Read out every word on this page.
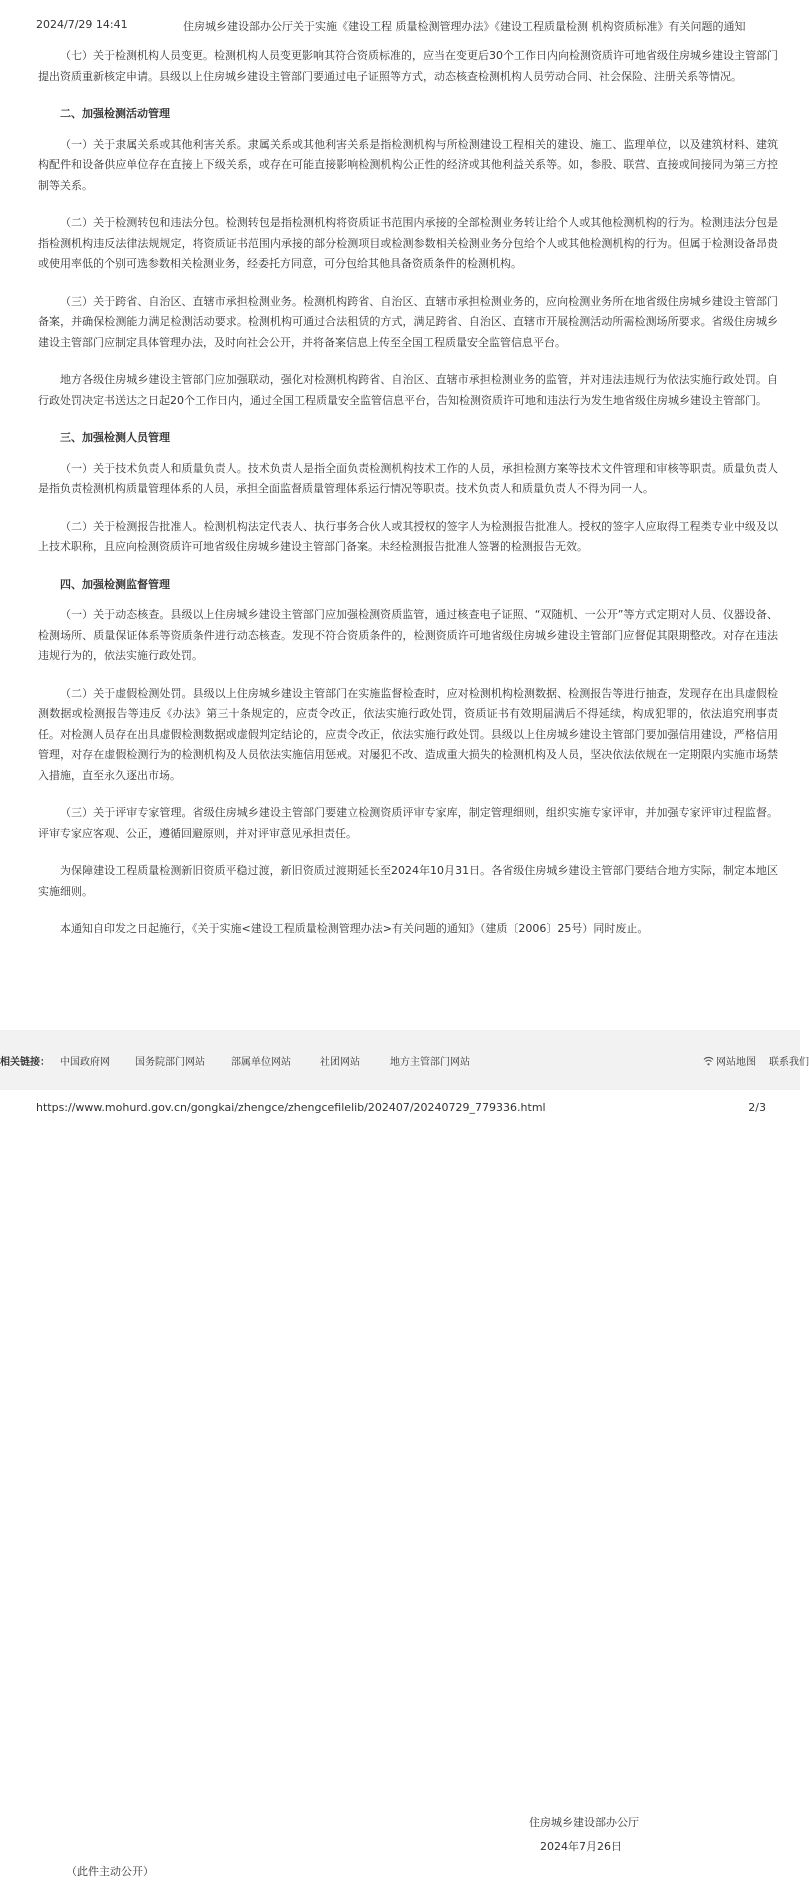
2024/7/29 14:41	住房城乡建设部办公厅关于实施《建设工程 质量检测管理办法》《建设工程质量检测 机构资质标准》有关问题的通知

（七）关于检测机构人员变更。检测机构人员变更影响其符合资质标准的，应当在变更后30个工作日内向检测资质许可地省级住房城乡建设主管部门提出资质重新核定申请。县级以上住房城乡建设主管部门要通过电子证照等方式，动态核查检测机构人员劳动合同、社会保险、注册关系等情况。

二、加强检测活动管理

（一）关于隶属关系或其他利害关系。隶属关系或其他利害关系是指检测机构与所检测建设工程相关的建设、施工、监理单位，以及建筑材料、建筑构配件和设备供应单位存在直接上下级关系，或存在可能直接影响检测机构公正性的经济或其他利益关系等。如，参股、联营、直接或间接同为第三方控制等关系。

（二）关于检测转包和违法分包。检测转包是指检测机构将资质证书范围内承接的全部检测业务转让给个人或其他检测机构的行为。检测违法分包是指检测机构违反法律法规规定，将资质证书范围内承接的部分检测项目或检测参数相关检测业务分包给个人或其他检测机构的行为。但属于检测设备昂贵或使用率低的个别可选参数相关检测业务，经委托方同意，可分包给其他具备资质条件的检测机构。

（三）关于跨省、自治区、直辖市承担检测业务。检测机构跨省、自治区、直辖市承担检测业务的，应向检测业务所在地省级住房城乡建设主管部门备案，并确保检测能力满足检测活动要求。检测机构可通过合法租赁的方式，满足跨省、自治区、直辖市开展检测活动所需检测场所要求。省级住房城乡建设主管部门应制定具体管理办法，及时向社会公开，并将备案信息上传至全国工程质量安全监管信息平台。

地方各级住房城乡建设主管部门应加强联动，强化对检测机构跨省、自治区、直辖市承担检测业务的监管，并对违法违规行为依法实施行政处罚。自行政处罚决定书送达之日起20个工作日内，通过全国工程质量安全监管信息平台，告知检测资质许可地和违法行为发生地省级住房城乡建设主管部门。

三、加强检测人员管理

（一）关于技术负责人和质量负责人。技术负责人是指全面负责检测机构技术工作的人员，承担检测方案等技术文件管理和审核等职责。质量负责人是指负责检测机构质量管理体系的人员，承担全面监督质量管理体系运行情况等职责。技术负责人和质量负责人不得为同一人。

（二）关于检测报告批准人。检测机构法定代表人、执行事务合伙人或其授权的签字人为检测报告批准人。授权的签字人应取得工程类专业中级及以上技术职称，且应向检测资质许可地省级住房城乡建设主管部门备案。未经检测报告批准人签署的检测报告无效。

四、加强检测监督管理

（一）关于动态核查。县级以上住房城乡建设主管部门应加强检测资质监管，通过核查电子证照、“双随机、一公开”等方式定期对人员、仪器设备、检测场所、质量保证体系等资质条件进行动态核查。发现不符合资质条件的，检测资质许可地省级住房城乡建设主管部门应督促其限期整改。对存在违法违规行为的，依法实施行政处罚。

（二）关于虚假检测处罚。县级以上住房城乡建设主管部门在实施监督检查时，应对检测机构检测数据、检测报告等进行抽查，发现存在出具虚假检测数据或检测报告等违反《办法》第三十条规定的，应责令改正，依法实施行政处罚，资质证书有效期届满后不得延续，构成犯罪的，依法追究刑事责任。对检测人员存在出具虚假检测数据或虚假判定结论的，应责令改正，依法实施行政处罚。县级以上住房城乡建设主管部门要加强信用建设，严格信用管理，对存在虚假检测行为的检测机构及人员依法实施信用惩戒。对屡犯不改、造成重大损失的检测机构及人员，坚决依法依规在一定期限内实施市场禁入措施，直至永久逐出市场。

（三）关于评审专家管理。省级住房城乡建设主管部门要建立检测资质评审专家库，制定管理细则，组织实施专家评审，并加强专家评审过程监督。评审专家应客观、公正，遵循回避原则，并对评审意见承担责任。

为保障建设工程质量检测新旧资质平稳过渡，新旧资质过渡期延长至2024年10月31日。各省级住房城乡建设主管部门要结合地方实际，制定本地区实施细则。

本通知自印发之日起施行，《关于实施<建设工程质量检测管理办法>有关问题的通知》（建质〔2006〕25号）同时废止。

住房城乡建设部办公厅
2024年7月26日
（此件主动公开）
相关链接： 中国政府网	国务院部门网站	部属单位网站	社团网站	地方主管部门网站	网站地图 联系我们
https://www.mohurd.gov.cn/gongkai/zhengce/zhengcefilelib/202407/20240729_779336.html	2/3
